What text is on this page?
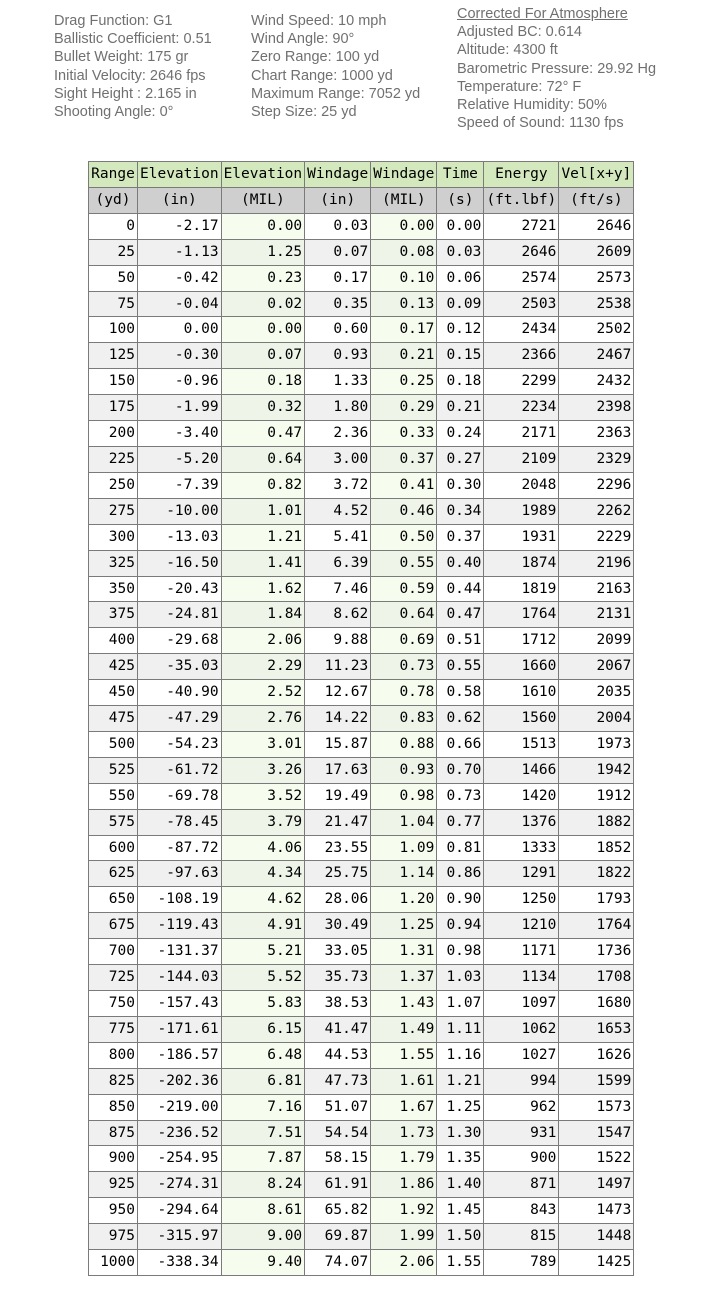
Drag Function: G1
Ballistic Coefficient: 0.51
Bullet Weight: 175 gr
Initial Velocity: 2646 fps
Sight Height : 2.165 in
Shooting Angle: 0°
Wind Speed: 10 mph
Wind Angle: 90°
Zero Range: 100 yd
Chart Range: 1000 yd
Maximum Range: 7052 yd
Step Size: 25 yd
Corrected For Atmosphere
Adjusted BC: 0.614
Altitude: 4300 ft
Barometric Pressure: 29.92 Hg
Temperature: 72° F
Relative Humidity: 50%
Speed of Sound: 1130 fps
Range	Elevation	Elevation	Windage	Windage	Time	Energy	Vel[x+y]
(yd)	(in)	(MIL)	(in)	(MIL)	(s)	(ft.lbf)	(ft/s)
0	-2.17	0.00	0.03	0.00	0.00	2721	2646
25	-1.13	1.25	0.07	0.08	0.03	2646	2609
50	-0.42	0.23	0.17	0.10	0.06	2574	2573
75	-0.04	0.02	0.35	0.13	0.09	2503	2538
100	0.00	0.00	0.60	0.17	0.12	2434	2502
125	-0.30	0.07	0.93	0.21	0.15	2366	2467
150	-0.96	0.18	1.33	0.25	0.18	2299	2432
175	-1.99	0.32	1.80	0.29	0.21	2234	2398
200	-3.40	0.47	2.36	0.33	0.24	2171	2363
225	-5.20	0.64	3.00	0.37	0.27	2109	2329
250	-7.39	0.82	3.72	0.41	0.30	2048	2296
275	-10.00	1.01	4.52	0.46	0.34	1989	2262
300	-13.03	1.21	5.41	0.50	0.37	1931	2229
325	-16.50	1.41	6.39	0.55	0.40	1874	2196
350	-20.43	1.62	7.46	0.59	0.44	1819	2163
375	-24.81	1.84	8.62	0.64	0.47	1764	2131
400	-29.68	2.06	9.88	0.69	0.51	1712	2099
425	-35.03	2.29	11.23	0.73	0.55	1660	2067
450	-40.90	2.52	12.67	0.78	0.58	1610	2035
475	-47.29	2.76	14.22	0.83	0.62	1560	2004
500	-54.23	3.01	15.87	0.88	0.66	1513	1973
525	-61.72	3.26	17.63	0.93	0.70	1466	1942
550	-69.78	3.52	19.49	0.98	0.73	1420	1912
575	-78.45	3.79	21.47	1.04	0.77	1376	1882
600	-87.72	4.06	23.55	1.09	0.81	1333	1852
625	-97.63	4.34	25.75	1.14	0.86	1291	1822
650	-108.19	4.62	28.06	1.20	0.90	1250	1793
675	-119.43	4.91	30.49	1.25	0.94	1210	1764
700	-131.37	5.21	33.05	1.31	0.98	1171	1736
725	-144.03	5.52	35.73	1.37	1.03	1134	1708
750	-157.43	5.83	38.53	1.43	1.07	1097	1680
775	-171.61	6.15	41.47	1.49	1.11	1062	1653
800	-186.57	6.48	44.53	1.55	1.16	1027	1626
825	-202.36	6.81	47.73	1.61	1.21	994	1599
850	-219.00	7.16	51.07	1.67	1.25	962	1573
875	-236.52	7.51	54.54	1.73	1.30	931	1547
900	-254.95	7.87	58.15	1.79	1.35	900	1522
925	-274.31	8.24	61.91	1.86	1.40	871	1497
950	-294.64	8.61	65.82	1.92	1.45	843	1473
975	-315.97	9.00	69.87	1.99	1.50	815	1448
1000	-338.34	9.40	74.07	2.06	1.55	789	1425
